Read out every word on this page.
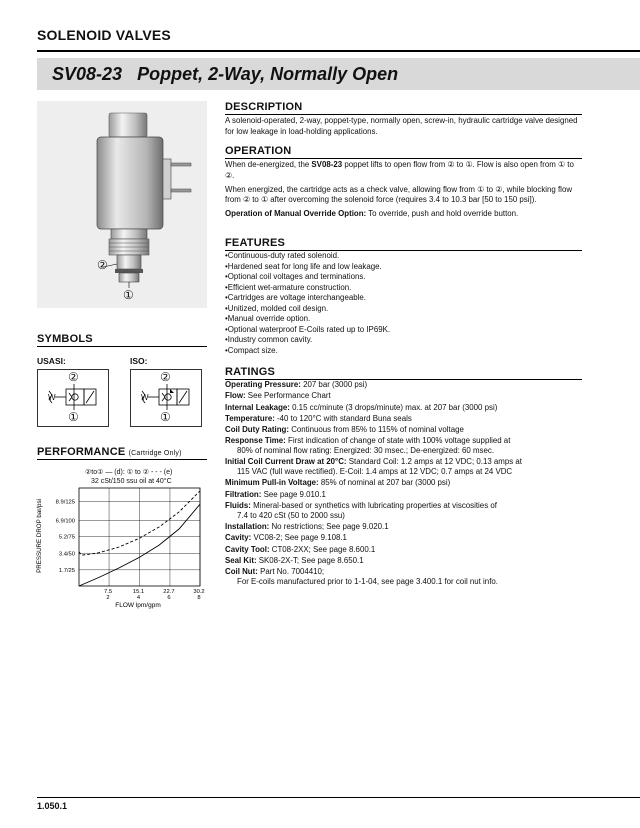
SOLENOID VALVES
SV08-23 Poppet, 2-Way, Normally Open
②
①
SYMBOLS
USASI:	ISO:
②
①
W
②
①
W
PERFORMANCE (Cartridge Only)
②to① — (d): ① to ② - - - (e)
32 cSt/150 ssu oil at 40°C
PRESSURE DROP bar/psi
FLOW lpm/gpm
8.9/125
6.9/100
5.2/75
3.4/50
1.7/25
7.5
2
15.1
4
22.7
6
30.2
8
DESCRIPTION
A solenoid-operated, 2-way, poppet-type, normally open, screw-in, hydraulic cartridge valve designed for low leakage in load-holding applications.
OPERATION

When de-energized, the SV08-23 poppet lifts to open flow from ② to ①. Flow is also open from ① to ②.

When energized, the cartridge acts as a check valve, allowing flow from ① to ②, while blocking flow from ② to ① after overcoming the solenoid force (requires 3.4 to 10.3 bar [50 to 150 psi]).

Operation of Manual Override Option: To override, push and hold override button.

FEATURES
• Continuous-duty rated solenoid.
• Hardened seat for long life and low leakage.
• Optional coil voltages and terminations.
• Efficient wet-armature construction.
• Cartridges are voltage interchangeable.
• Unitized, molded coil design.
• Manual override option.
• Optional waterproof E-Coils rated up to IP69K.
• Industry common cavity.
• Compact size.
RATINGS

Operating Pressure: 207 bar (3000 psi)

Flow: See Performance Chart

Internal Leakage: 0.15 cc/minute (3 drops/minute) max. at 207 bar (3000 psi)

Temperature: -40 to 120°C with standard Buna seals

Coil Duty Rating: Continuous from 85% to 115% of nominal voltage

Response Time: First indication of change of state with 100% voltage supplied at
80% of nominal flow rating: Energized: 30 msec.; De-energized: 60 msec.

Initial Coil Current Draw at 20°C: Standard Coil: 1.2 amps at 12 VDC; 0.13 amps at
115 VAC (full wave rectified). E-Coil: 1.4 amps at 12 VDC; 0.7 amps at 24 VDC

Minimum Pull-in Voltage: 85% of nominal at 207 bar (3000 psi)

Filtration: See page 9.010.1

Fluids: Mineral-based or synthetics with lubricating properties at viscosities of
7.4 to 420 cSt (50 to 2000 ssu)

Installation: No restrictions; See page 9.020.1

Cavity: VC08-2; See page 9.108.1

Cavity Tool: CT08-2XX; See page 8.600.1

Seal Kit: SK08-2X-T; See page 8.650.1

Coil Nut: Part No. 7004410;
For E-coils manufactured prior to 1-1-04, see page 3.400.1 for coil nut info.

1.050.1
